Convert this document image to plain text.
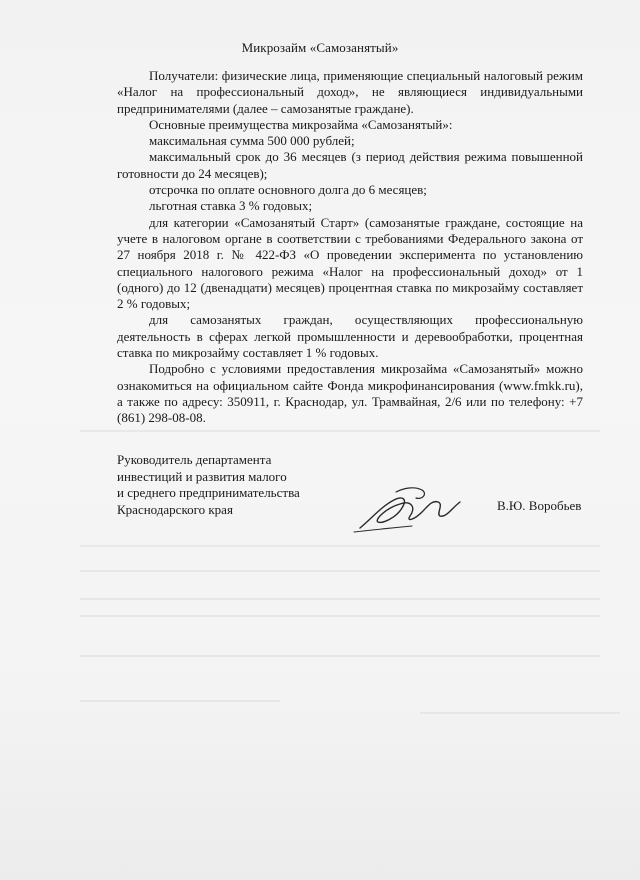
Микрозайм «Самозанятый»

Получатели: физические лица, применяющие специальный налоговый режим «Налог на профессиональный доход», не являющиеся индивидуальными предпринимателями (далее – самозанятые граждане).

Основные преимущества микрозайма «Самозанятый»:

максимальная сумма 500 000 рублей;

максимальный срок до 36 месяцев (з период действия режима повышенной готовности до 24 месяцев);

отсрочка по оплате основного долга до 6 месяцев;

льготная ставка 3 % годовых;

для категории «Самозанятый Старт» (самозанятые граждане, состоящие на учете в налоговом органе в соответствии с требованиями Федерального закона от 27 ноября 2018 г. № 422-ФЗ «О проведении эксперимента по установлению специального налогового режима «Налог на профессиональный доход» от 1 (одного) до 12 (двенадцати) месяцев) процентная ставка по микрозайму составляет 2 % годовых;

для самозанятых граждан, осуществляющих профессиональную деятельность в сферах легкой промышленности и деревообработки, процентная ставка по микрозайму составляет 1 % годовых.

Подробно с условиями предоставления микрозайма «Самозанятый» можно ознакомиться на официальном сайте Фонда микрофинансирования (www.fmkk.ru), а также по адресу: 350911, г. Краснодар, ул. Трамвайная, 2/6 или по телефону: +7 (861) 298-08-08.

Руководитель департамента
инвестиций и развития малого
и среднего предпринимательства
Краснодарского края	В.Ю. Воробьев
